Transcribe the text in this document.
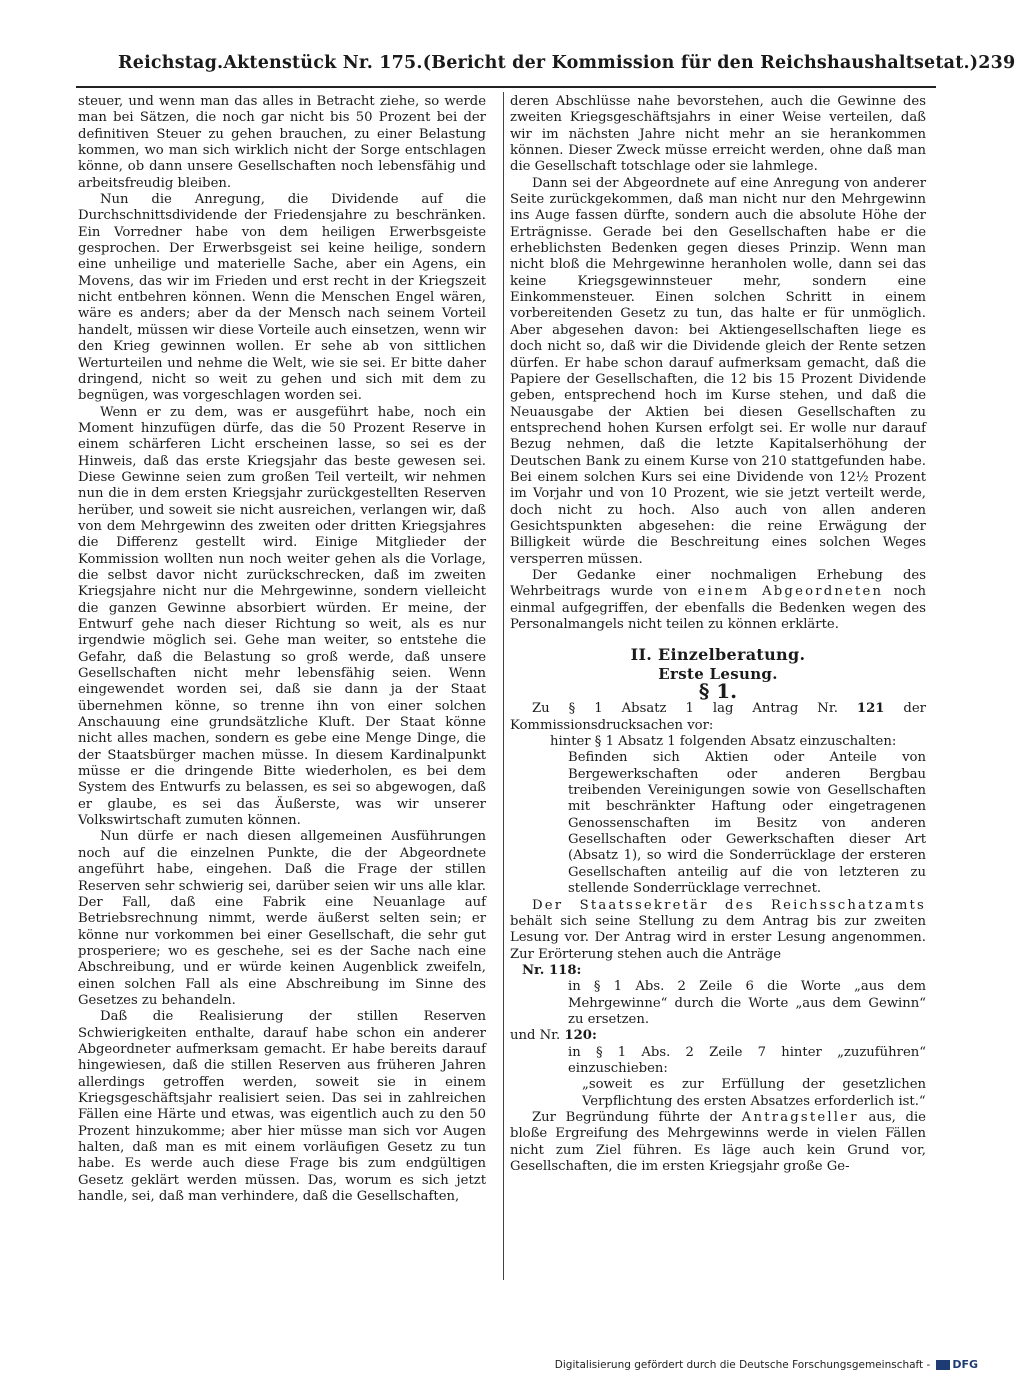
Reichstag. Aktenstück Nr. 175. (Bericht der Kommission für den Reichshaushaltsetat.) 239

steuer, und wenn man das alles in Betracht ziehe, so werde man bei Sätzen, die noch gar nicht bis 50 Prozent bei der definitiven Steuer zu gehen brauchen, zu einer Belastung kommen, wo man sich wirklich nicht der Sorge entschlagen könne, ob dann unsere Gesellschaften noch lebensfähig und arbeitsfreudig bleiben.

Nun die Anregung, die Dividende auf die Durchschnittsdividende der Friedensjahre zu beschränken. Ein Vorredner habe von dem heiligen Erwerbsgeiste gesprochen. Der Erwerbsgeist sei keine heilige, sondern eine unheilige und materielle Sache, aber ein Agens, ein Movens, das wir im Frieden und erst recht in der Kriegszeit nicht entbehren können. Wenn die Menschen Engel wären, wäre es anders; aber da der Mensch nach seinem Vorteil handelt, müssen wir diese Vorteile auch einsetzen, wenn wir den Krieg gewinnen wollen. Er sehe ab von sittlichen Werturteilen und nehme die Welt, wie sie sei. Er bitte daher dringend, nicht so weit zu gehen und sich mit dem zu begnügen, was vorgeschlagen worden sei.

Wenn er zu dem, was er ausgeführt habe, noch ein Moment hinzufügen dürfe, das die 50 Prozent Reserve in einem schärferen Licht erscheinen lasse, so sei es der Hinweis, daß das erste Kriegsjahr das beste gewesen sei. Diese Gewinne seien zum großen Teil verteilt, wir nehmen nun die in dem ersten Kriegsjahr zurückgestellten Reserven herüber, und soweit sie nicht ausreichen, verlangen wir, daß von dem Mehrgewinn des zweiten oder dritten Kriegsjahres die Differenz gestellt wird. Einige Mitglieder der Kommission wollten nun noch weiter gehen als die Vorlage, die selbst davor nicht zurückschrecken, daß im zweiten Kriegsjahre nicht nur die Mehrgewinne, sondern vielleicht die ganzen Gewinne absorbiert würden. Er meine, der Entwurf gehe nach dieser Richtung so weit, als es nur irgendwie möglich sei. Gehe man weiter, so entstehe die Gefahr, daß die Belastung so groß werde, daß unsere Gesellschaften nicht mehr lebensfähig seien. Wenn eingewendet worden sei, daß sie dann ja der Staat übernehmen könne, so trenne ihn von einer solchen Anschauung eine grundsätzliche Kluft. Der Staat könne nicht alles machen, sondern es gebe eine Menge Dinge, die der Staatsbürger machen müsse. In diesem Kardinalpunkt müsse er die dringende Bitte wiederholen, es bei dem System des Entwurfs zu belassen, es sei so abgewogen, daß er glaube, es sei das Äußerste, was wir unserer Volkswirtschaft zumuten können.

Nun dürfe er nach diesen allgemeinen Ausführungen noch auf die einzelnen Punkte, die der Abgeordnete angeführt habe, eingehen. Daß die Frage der stillen Reserven sehr schwierig sei, darüber seien wir uns alle klar. Der Fall, daß eine Fabrik eine Neuanlage auf Betriebsrechnung nimmt, werde äußerst selten sein; er könne nur vorkommen bei einer Gesellschaft, die sehr gut prosperiere; wo es geschehe, sei es der Sache nach eine Abschreibung, und er würde keinen Augenblick zweifeln, einen solchen Fall als eine Abschreibung im Sinne des Gesetzes zu behandeln.

Daß die Realisierung der stillen Reserven Schwierigkeiten enthalte, darauf habe schon ein anderer Abgeordneter aufmerksam gemacht. Er habe bereits darauf hingewiesen, daß die stillen Reserven aus früheren Jahren allerdings getroffen werden, soweit sie in einem Kriegsgeschäftsjahr realisiert seien. Das sei in zahlreichen Fällen eine Härte und etwas, was eigentlich auch zu den 50 Prozent hinzukomme; aber hier müsse man sich vor Augen halten, daß man es mit einem vorläufigen Gesetz zu tun habe. Es werde auch diese Frage bis zum endgültigen Gesetz geklärt werden müssen. Das, worum es sich jetzt handle, sei, daß man verhindere, daß die Gesellschaften,

deren Abschlüsse nahe bevorstehen, auch die Gewinne des zweiten Kriegsgeschäftsjahrs in einer Weise verteilen, daß wir im nächsten Jahre nicht mehr an sie herankommen können. Dieser Zweck müsse erreicht werden, ohne daß man die Gesellschaft totschlage oder sie lahmlege.

Dann sei der Abgeordnete auf eine Anregung von anderer Seite zurückgekommen, daß man nicht nur den Mehrgewinn ins Auge fassen dürfte, sondern auch die absolute Höhe der Erträgnisse. Gerade bei den Gesellschaften habe er die erheblichsten Bedenken gegen dieses Prinzip. Wenn man nicht bloß die Mehrgewinne heranholen wolle, dann sei das keine Kriegsgewinnsteuer mehr, sondern eine Einkommensteuer. Einen solchen Schritt in einem vorbereitenden Gesetz zu tun, das halte er für unmöglich. Aber abgesehen davon: bei Aktiengesellschaften liege es doch nicht so, daß wir die Dividende gleich der Rente setzen dürfen. Er habe schon darauf aufmerksam gemacht, daß die Papiere der Gesellschaften, die 12 bis 15 Prozent Dividende geben, entsprechend hoch im Kurse stehen, und daß die Neuausgabe der Aktien bei diesen Gesellschaften zu entsprechend hohen Kursen erfolgt sei. Er wolle nur darauf Bezug nehmen, daß die letzte Kapitalserhöhung der Deutschen Bank zu einem Kurse von 210 stattgefunden habe. Bei einem solchen Kurs sei eine Dividende von 12½ Prozent im Vorjahr und von 10 Prozent, wie sie jetzt verteilt werde, doch nicht zu hoch. Also auch von allen anderen Gesichtspunkten abgesehen: die reine Erwägung der Billigkeit würde die Beschreitung eines solchen Weges versperren müssen.

Der Gedanke einer nochmaligen Erhebung des Wehrbeitrags wurde von einem Abgeordneten noch einmal aufgegriffen, der ebenfalls die Bedenken wegen des Personalmangels nicht teilen zu können erklärte.

II. Einzelberatung.
Erste Lesung.
§ 1.

Zu § 1 Absatz 1 lag Antrag Nr. 121 der Kommissionsdrucksachen vor:

hinter § 1 Absatz 1 folgenden Absatz einzuschalten:

Befinden sich Aktien oder Anteile von Bergewerkschaften oder anderen Bergbau treibenden Vereinigungen sowie von Gesellschaften mit beschränkter Haftung oder eingetragenen Genossenschaften im Besitz von anderen Gesellschaften oder Gewerkschaften dieser Art (Absatz 1), so wird die Sonderrücklage der ersteren Gesellschaften anteilig auf die von letzteren zu stellende Sonderrücklage verrechnet.

Der Staatssekretär des Reichsschatzamts behält sich seine Stellung zu dem Antrag bis zur zweiten Lesung vor. Der Antrag wird in erster Lesung angenommen. Zur Erörterung stehen auch die Anträge

Nr. 118:

in § 1 Abs. 2 Zeile 6 die Worte „aus dem Mehrgewinne“ durch die Worte „aus dem Gewinn“ zu ersetzen.

und Nr. 120:

in § 1 Abs. 2 Zeile 7 hinter „zuzuführen“ einzuschieben:

„soweit es zur Erfüllung der gesetzlichen Verpflichtung des ersten Absatzes erforderlich ist.“

Zur Begründung führte der Antragsteller aus, die bloße Ergreifung des Mehrgewinns werde in vielen Fällen nicht zum Ziel führen. Es läge auch kein Grund vor, Gesellschaften, die im ersten Kriegsjahr große Ge-

Digitalisierung gefördert durch die Deutsche Forschungsgemeinschaft - DFG
